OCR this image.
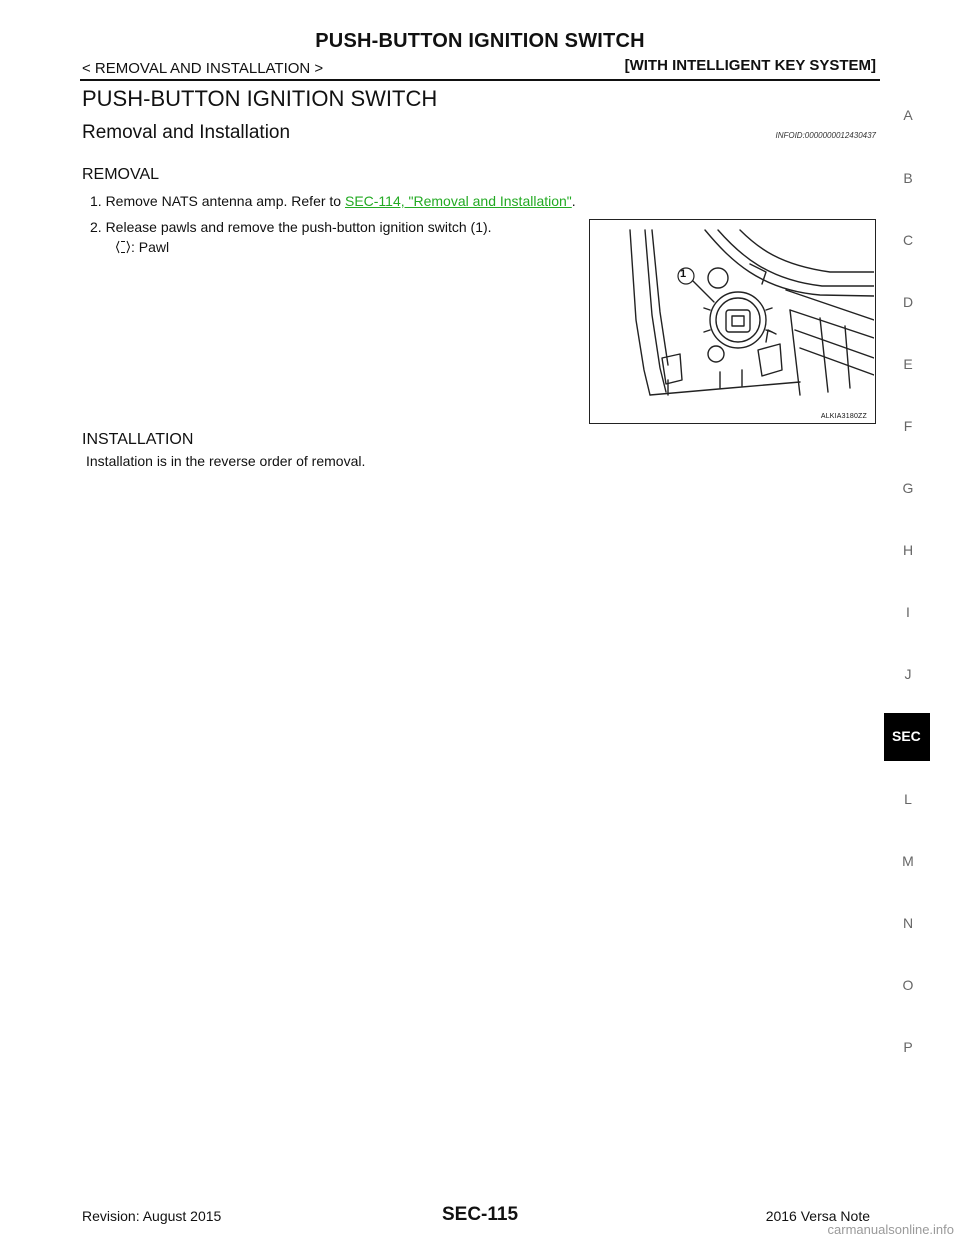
PUSH-BUTTON IGNITION SWITCH
< REMOVAL AND INSTALLATION >	[WITH INTELLIGENT KEY SYSTEM]
PUSH-BUTTON IGNITION SWITCH
Removal and Installation	INFOID:0000000012430437
REMOVAL
1. Remove NATS antenna amp. Refer to SEC-114, "Removal and Installation".
2. Release pawls and remove the push-button ignition switch (1).
: Pawl
1
ALKIA3180ZZ
INSTALLATION
Installation is in the reverse order of removal.
A
B
C
D
E
F
G
H
I
J
SEC
L
M
N
O
P
Revision: August 2015	SEC-115	2016 Versa Note
carmanualsonline.info
